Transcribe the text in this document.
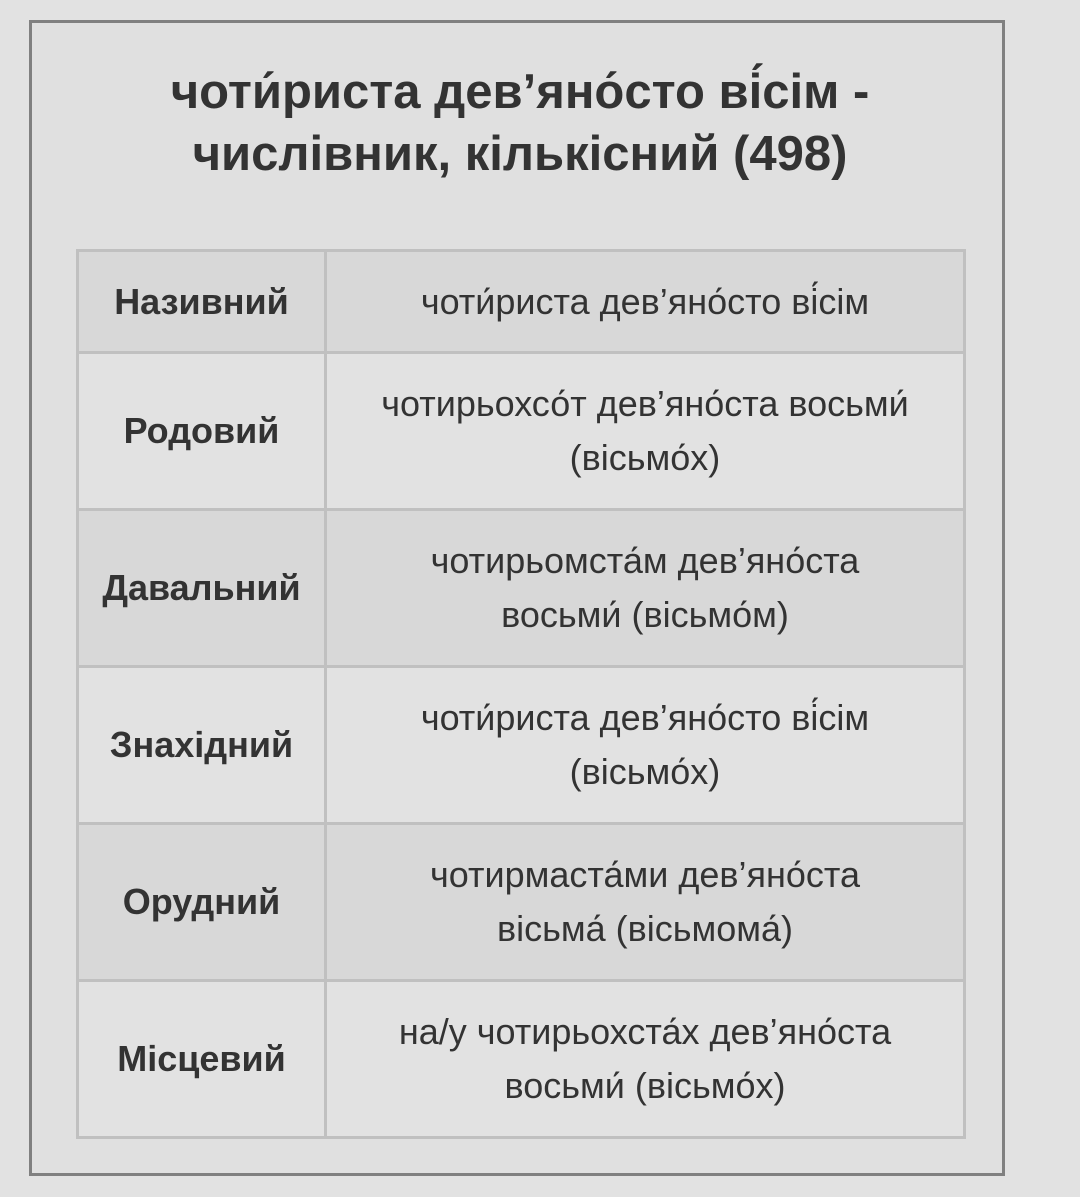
чоти́риста дев’яно́сто ві́сім -
числівник, кількісний (498)
Називний	чоти́риста дев’яно́сто ві́сім

Родовий	чотирьохсо́т дев’яно́ста восьми́
(вісьмо́х)

Давальний	чотирьомста́м дев’яно́ста
восьми́ (вісьмо́м)

Знахідний	чоти́риста дев’яно́сто ві́сім
(вісьмо́х)

Орудний	чотирмаста́ми дев’яно́ста
вісьма́ (вісьмома́)

Місцевий	на/у чотирьохста́х дев’яно́ста
восьми́ (вісьмо́х)
